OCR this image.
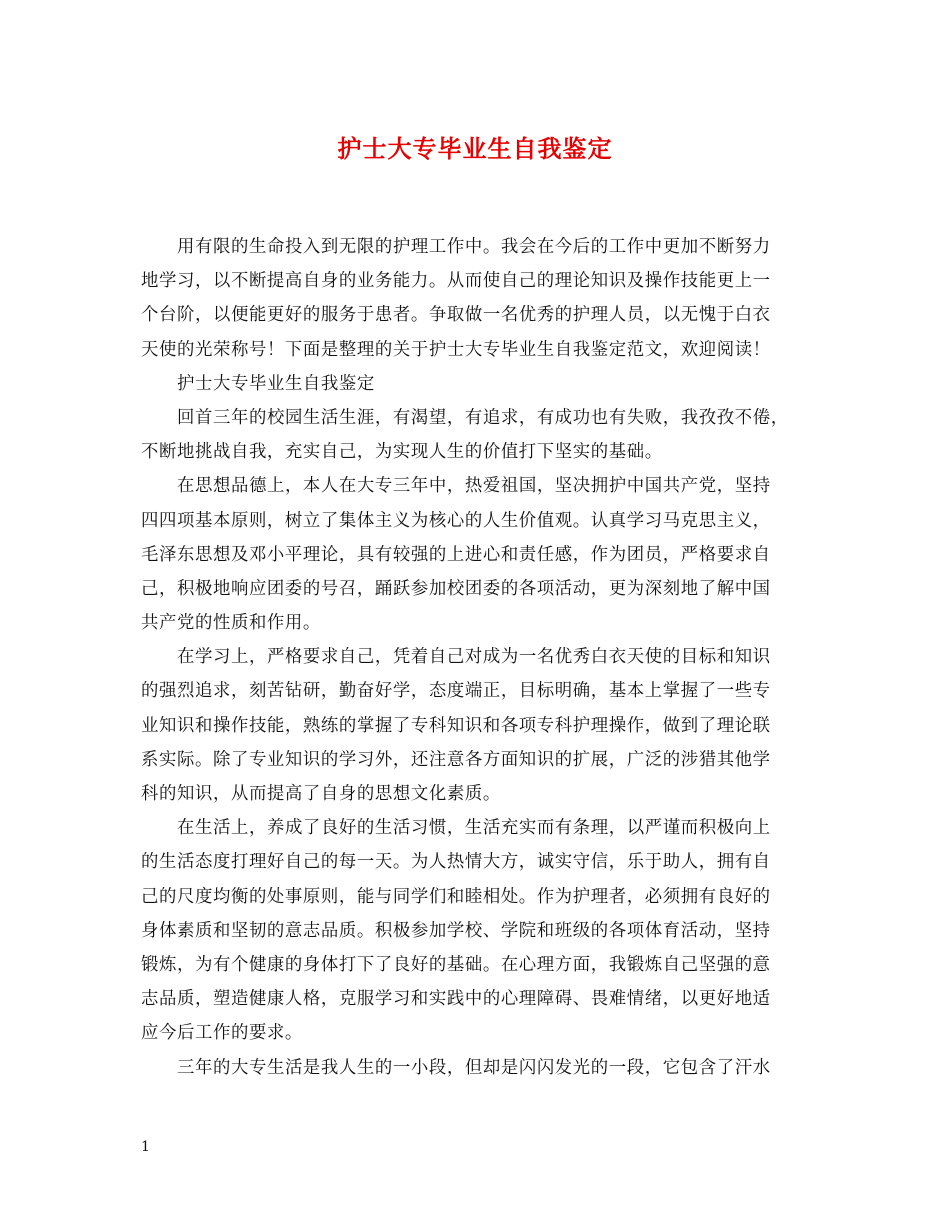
护士大专毕业生自我鉴定
用有限的生命投入到无限的护理工作中。我会在今后的工作中更加不断努力
地学习，以不断提高自身的业务能力。从而使自己的理论知识及操作技能更上一
个台阶，以便能更好的服务于患者。争取做一名优秀的护理人员，以无愧于白衣
天使的光荣称号！下面是整理的关于护士大专毕业生自我鉴定范文，欢迎阅读！
护士大专毕业生自我鉴定
回首三年的校园生活生涯，有渴望，有追求，有成功也有失败，我孜孜不倦，
不断地挑战自我，充实自己，为实现人生的价值打下坚实的基础。
在思想品德上，本人在大专三年中，热爱祖国，坚决拥护中国共产党，坚持
四四项基本原则，树立了集体主义为核心的人生价值观。认真学习马克思主义，
毛泽东思想及邓小平理论，具有较强的上进心和责任感，作为团员，严格要求自
己，积极地响应团委的号召，踊跃参加校团委的各项活动，更为深刻地了解中国
共产党的性质和作用。
在学习上，严格要求自己，凭着自己对成为一名优秀白衣天使的目标和知识
的强烈追求，刻苦钻研，勤奋好学，态度端正，目标明确，基本上掌握了一些专
业知识和操作技能，熟练的掌握了专科知识和各项专科护理操作，做到了理论联
系实际。除了专业知识的学习外，还注意各方面知识的扩展，广泛的涉猎其他学
科的知识，从而提高了自身的思想文化素质。
在生活上，养成了良好的生活习惯，生活充实而有条理，以严谨而积极向上
的生活态度打理好自己的每一天。为人热情大方，诚实守信，乐于助人，拥有自
己的尺度均衡的处事原则，能与同学们和睦相处。作为护理者，必须拥有良好的
身体素质和坚韧的意志品质。积极参加学校、学院和班级的各项体育活动，坚持
锻炼，为有个健康的身体打下了良好的基础。在心理方面，我锻炼自己坚强的意
志品质，塑造健康人格，克服学习和实践中的心理障碍、畏难情绪，以更好地适
应今后工作的要求。
三年的大专生活是我人生的一小段，但却是闪闪发光的一段，它包含了汗水
1
